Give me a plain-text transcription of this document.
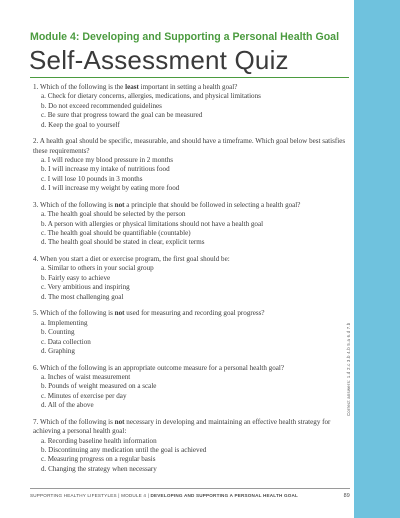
Module 4: Developing and Supporting a Personal Health Goal
Self-Assessment Quiz
1. Which of the following is the least important in setting a health goal?
a. Check for dietary concerns, allergies, medications, and physical limitations
b. Do not exceed recommended guidelines
c. Be sure that progress toward the goal can be measured
d. Keep the goal to yourself
2. A health goal should be specific, measurable, and should have a timeframe. Which goal below best satisfies these requirements?
a. I will reduce my blood pressure in 2 months
b. I will increase my intake of nutritious food
c. I will lose 10 pounds in 3 months
d. I will increase my weight by eating more food
3. Which of the following is not a principle that should be followed in selecting a health goal?
a. The health goal should be selected by the person
b. A person with allergies or physical limitations should not have a health goal
c. The health goal should be quantifiable (countable)
d. The health goal should be stated in clear, explicit terms
4. When you start a diet or exercise program, the first goal should be:
a. Similar to others in your social group
b. Fairly easy to achieve
c. Very ambitious and inspiring
d. The most challenging goal
5. Which of the following is not used for measuring and recording goal progress?
a. Implementing
b. Counting
c. Data collection
d. Graphing
6. Which of the following is an appropriate outcome measure for a personal health goal?
a. Inches of waist measurement
b. Pounds of weight measured on a scale
c. Minutes of exercise per day
d. All of the above
7. Which of the following is not necessary in developing and maintaining an effective health strategy for achieving a personal health goal:
a. Recording baseline health information
b. Discontinuing any medication until the goal is achieved
c. Measuring progress on a regular basis
d. Changing the strategy when necessary
SUPPORTING HEALTHY LIFESTYLES | MODULE 4 | DEVELOPING AND SUPPORTING A PERSONAL HEALTH GOAL	89
Correct answers: 1.d 2.c 3.b 4.b 5.a 6.d 7.b
